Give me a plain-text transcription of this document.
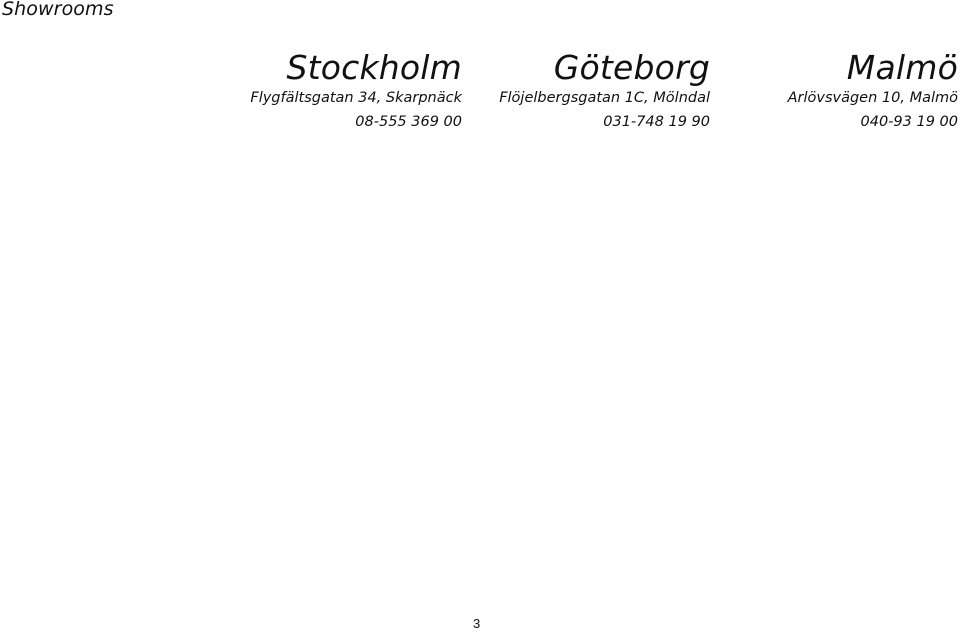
Showrooms
Stockholm
Flygfältsgatan 34, Skarpnäck
08-555 369 00
Göteborg
Flöjelbergsgatan 1C, Mölndal
031-748 19 90
Malmö
Arlövsvägen 10, Malmö
040-93 19 00
3
